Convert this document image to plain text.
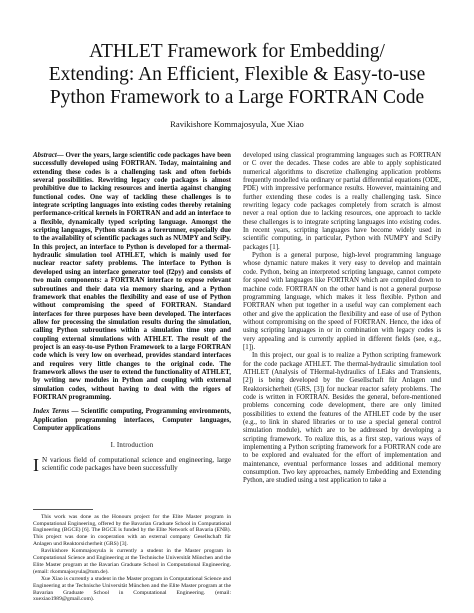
ATHLET Framework for Embedding/
Extending: An Efficient, Flexible & Easy-to-use
Python Framework to a Large FORTRAN Code
Ravikishore Kommajosyula, Xue Xiao

Abstract— Over the years, large scientific code packages have been successfully developed using FORTRAN. Today, maintaining and extending these codes is a challenging task and often forbids several possibilities. Rewriting legacy code packages is almost prohibitive due to lacking resources and inertia against changing functional codes. One way of tackling these challenges is to integrate scripting languages into existing codes thereby retaining performance-critical kernels in FORTRAN and add an interface to a flexible, dynamically typed scripting language. Amongst the scripting languages, Python stands as a forerunner, especially due to the availability of scientific packages such as NUMPY and SciPy. In this project, an interface to Python is developed for a thermal-hydraulic simulation tool ATHLET, which is mainly used for nuclear reactor safety problems. The interface to Python is developed using an interface generator tool (f2py) and consists of two main components: a FORTRAN interface to expose relevant subroutines and their data via memory sharing, and a Python framework that enables the flexibility and ease of use of Python without compromising the speed of FORTRAN. Standard interfaces for three purposes have been developed. The interfaces allow for processing the simulation results during the simulation, calling Python subroutines within a simulation time step and coupling external simulations with ATHLET. The result of the project is an easy-to-use Python Framework to a large FORTRAN code which is very low on overhead, provides standard interfaces and requires very little changes to the original code. The framework allows the user to extend the functionality of ATHLET, by writing new modules in Python and coupling with external simulation codes, without having to deal with the rigors of FORTRAN programming.

Index Terms — Scientific computing, Programming environments, Application programming interfaces, Computer languages, Computer applications

I. Introduction
I N various field of computational science and engineering, large scientific code packages have been successfully

This work was done as the Honours project for the Elite Master program in Computational Engineering, offered by the Bavarian Graduate School in Computational Engineering (BGCE) [6]. The BGCE is funded by the Elite Network of Bavaria (ENB). This project was done in cooperation with an external company Gesellschaft für Anlagen und Reaktorsicherheit (GRS) [3].

Ravikishore Kommajosyula is currently a student in the Master program in Computational Science and Engineering at the Technische Universität München and the Elite Master program at the Bavarian Graduate School in Computational Engineering. (email: rkommajosyula@tum.de).

Xue Xiao is currently a student in the Master program in Computational Science and Engineering at the Technische Universität München and the Elite Master program at the Bavarian Graduate School in Computational Engineering. (email: xuexiao1989@gmail.com).

developed using classical programming languages such as FORTRAN or C over the decades. These codes are able to apply sophisticated numerical algorithms to discretize challenging application problems frequently modelled via ordinary or partial differential equations (ODE, PDE) with impressive performance results. However, maintaining and further extending these codes is a really challenging task. Since rewriting legacy code packages completely from scratch is almost never a real option due to lacking resources, one approach to tackle these challenges is to integrate scripting languages into existing codes. In recent years, scripting languages have become widely used in scientific computing, in particular, Python with NUMPY and SciPy packages [1].

Python is a general purpose, high-level programming language whose dynamic nature makes it very easy to develop and maintain code. Python, being an interpreted scripting language, cannot compete for speed with languages like FORTRAN which are compiled down to machine code. FORTRAN on the other hand is not a general purpose programming language, which makes it less flexible. Python and FORTRAN when put together in a useful way can complement each other and give the application the flexibility and ease of use of Python without compromising on the speed of FORTRAN. Hence, the idea of using scripting languages in or in combination with legacy codes is very appealing and is currently applied in different fields (see, e.g., [1]).

In this project, our goal is to realize a Python scripting framework for the code package ATHLET. The thermal-hydraulic simulation tool ATHLET (Analysis of THermal-hydraulics of LEaks and Transients, [2]) is being developed by the Gesellschaft für Anlagen und Reaktorsicherheit (GRS, [3]) for nuclear reactor safety problems. The code is written in FORTRAN. Besides the general, before-mentioned problems concerning code development, there are only limited possibilities to extend the features of the ATHLET code by the user (e.g., to link in shared libraries or to use a special general control simulation module), which are to be addressed by developing a scripting framework. To realize this, as a first step, various ways of implementing a Python scripting framework for a FORTRAN code are to be explored and evaluated for the effort of implementation and maintenance, eventual performance losses and additional memory consumption. Two key approaches, namely Embedding and Extending Python, are studied using a test application to take a
